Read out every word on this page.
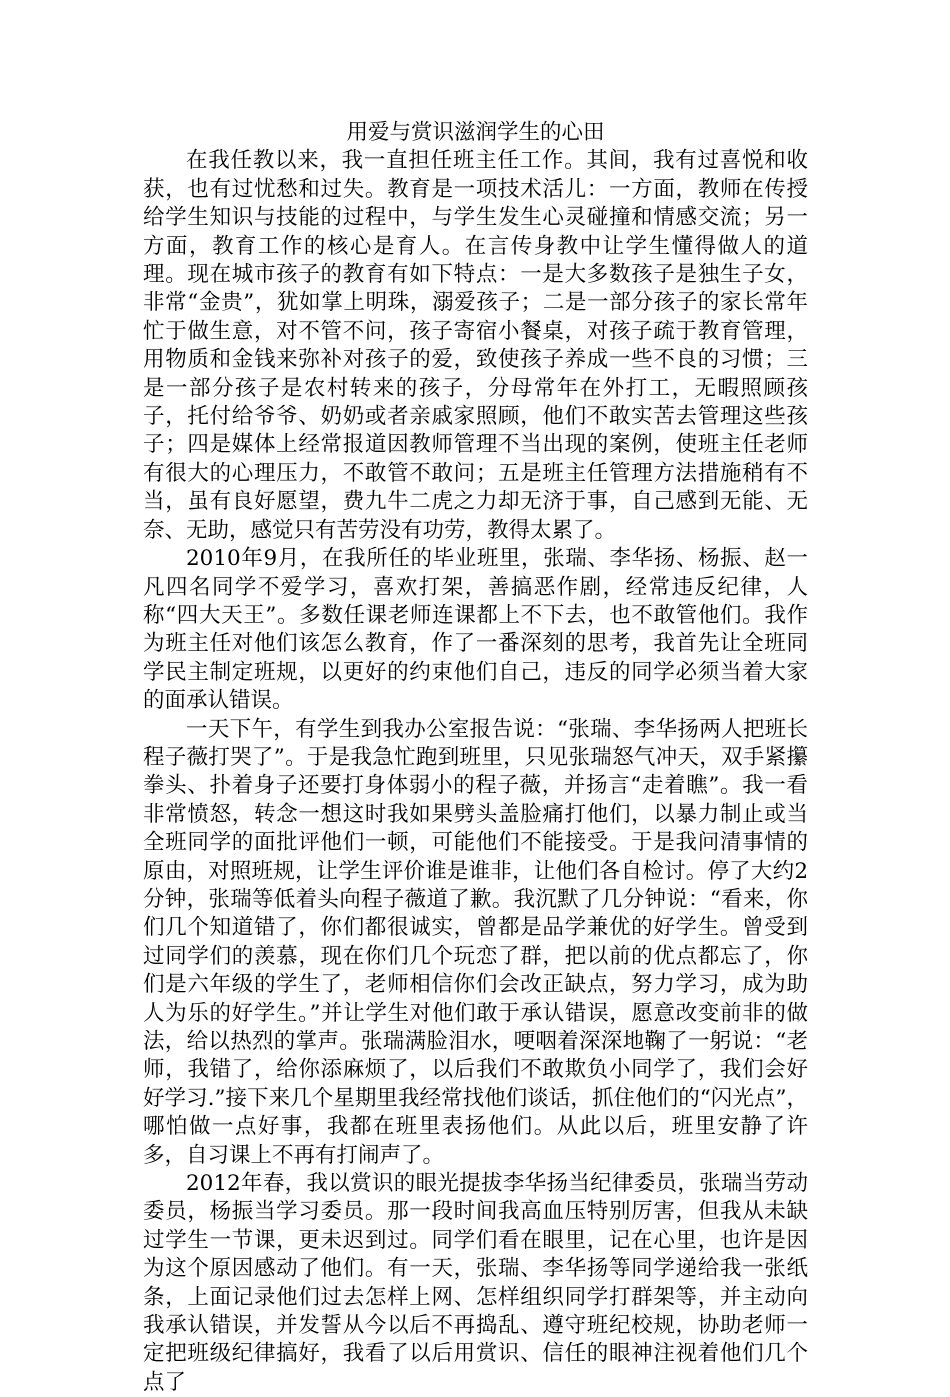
用爱与赏识滋润学生的心田

在我任教以来，我一直担任班主任工作。其间，我有过喜悦和收获，也有过忧愁和过失。教育是一项技术活儿：一方面，教师在传授给学生知识与技能的过程中，与学生发生心灵碰撞和情感交流；另一方面，教育工作的核心是育人。在言传身教中让学生懂得做人的道理。现在城市孩子的教育有如下特点：一是大多数孩子是独生子女，非常“金贵”，犹如掌上明珠，溺爱孩子；二是一部分孩子的家长常年忙于做生意，对不管不问，孩子寄宿小餐桌，对孩子疏于教育管理，用物质和金钱来弥补对孩子的爱，致使孩子养成一些不良的习惯；三是一部分孩子是农村转来的孩子，分母常年在外打工，无暇照顾孩子，托付给爷爷、奶奶或者亲戚家照顾，他们不敢实苦去管理这些孩子；四是媒体上经常报道因教师管理不当出现的案例，使班主任老师有很大的心理压力，不敢管不敢问；五是班主任管理方法措施稍有不当，虽有良好愿望，费九牛二虎之力却无济于事，自己感到无能、无奈、无助，感觉只有苦劳没有功劳，教得太累了。

2010年9月，在我所任的毕业班里，张瑞、李华扬、杨振、赵一凡四名同学不爱学习，喜欢打架，善搞恶作剧，经常违反纪律，人称“四大天王”。多数任课老师连课都上不下去，也不敢管他们。我作为班主任对他们该怎么教育，作了一番深刻的思考，我首先让全班同学民主制定班规，以更好的约束他们自己，违反的同学必须当着大家的面承认错误。

一天下午，有学生到我办公室报告说：“张瑞、李华扬两人把班长程子薇打哭了”。于是我急忙跑到班里，只见张瑞怒气冲天，双手紧攥拳头、扑着身子还要打身体弱小的程子薇，并扬言“走着瞧”。我一看非常愤怒，转念一想这时我如果劈头盖脸痛打他们，以暴力制止或当全班同学的面批评他们一顿，可能他们不能接受。于是我问清事情的原由，对照班规，让学生评价谁是谁非，让他们各自检讨。停了大约2 分钟，张瑞等低着头向程子薇道了歉。我沉默了几分钟说：“看来，你们几个知道错了，你们都很诚实，曾都是品学兼优的好学生。曾受到过同学们的羡慕，现在你们几个玩恋了群，把以前的优点都忘了，你们是六年级的学生了，老师相信你们会改正缺点，努力学习，成为助人为乐的好学生。”并让学生对他们敢于承认错误，愿意改变前非的做法，给以热烈的掌声。张瑞满脸泪水，哽咽着深深地鞠了一躬说：“老师，我错了，给你添麻烦了，以后我们不敢欺负小同学了，我们会好好学习.”接下来几个星期里我经常找他们谈话，抓住他们的“闪光点”，哪怕做一点好事，我都在班里表扬他们。从此以后，班里安静了许多，自习课上不再有打闹声了。

2012年春，我以赏识的眼光提拔李华扬当纪律委员，张瑞当劳动委员，杨振当学习委员。那一段时间我高血压特别厉害，但我从未缺过学生一节课，更未迟到过。同学们看在眼里，记在心里，也许是因为这个原因感动了他们。有一天，张瑞、李华扬等同学递给我一张纸条，上面记录他们过去怎样上网、怎样组织同学打群架等，并主动向我承认错误，并发誓从今以后不再捣乱、遵守班纪校规，协助老师一定把班级纪律搞好，我看了以后用赏识、信任的眼神注视着他们几个点了
